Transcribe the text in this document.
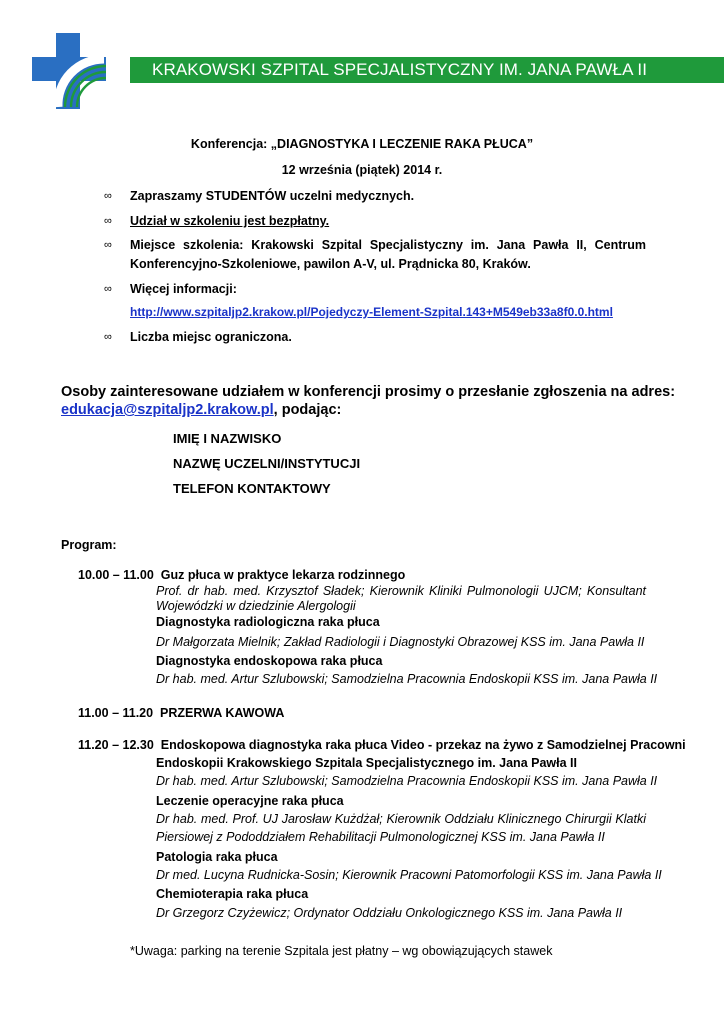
KRAKOWSKI SZPITAL SPECJALISTYCZNY IM. JANA PAWŁA II
Konferencja: „DIAGNOSTYKA I LECZENIE RAKA PŁUCA”
12 września (piątek) 2014 r.
∞ Zapraszamy STUDENTÓW uczelni medycznych.
∞ Udział w szkoleniu jest bezpłatny.
∞ Miejsce szkolenia: Krakowski Szpital Specjalistyczny im. Jana Pawła II, Centrum
Konferencyjno-Szkoleniowe, pawilon A-V, ul. Prądnicka 80, Kraków.
∞ Więcej informacji:
http://www.szpitaljp2.krakow.pl/Pojedyczy-Element-Szpital.143+M549eb33a8f0.0.html
∞ Liczba miejsc ograniczona.
Osoby zainteresowane udziałem w konferencji prosimy o przesłanie zgłoszenia na adres:
edukacja@szpitaljp2.krakow.pl, podając:
IMIĘ I NAZWISKO
NAZWĘ UCZELNI/INSTYTUCJI
TELEFON KONTAKTOWY
Program:
10.00 – 11.00 Guz płuca w praktyce lekarza rodzinnego
Prof. dr hab. med. Krzysztof Sładek; Kierownik Kliniki Pulmonologii UJCM; Konsultant
Wojewódzki w dziedzinie Alergologii
Diagnostyka radiologiczna raka płuca
Dr Małgorzata Mielnik; Zakład Radiologii i Diagnostyki Obrazowej KSS im. Jana Pawła II
Diagnostyka endoskopowa raka płuca
Dr hab. med. Artur Szlubowski; Samodzielna Pracownia Endoskopii KSS im. Jana Pawła II
11.00 – 11.20 PRZERWA KAWOWA
11.20 – 12.30 Endoskopowa diagnostyka raka płuca Video - przekaz na żywo z Samodzielnej Pracowni
Endoskopii Krakowskiego Szpitala Specjalistycznego im. Jana Pawła II
Dr hab. med. Artur Szlubowski; Samodzielna Pracownia Endoskopii KSS im. Jana Pawła II
Leczenie operacyjne raka płuca
Dr hab. med. Prof. UJ Jarosław Kużdżał; Kierownik Oddziału Klinicznego Chirurgii Klatki
Piersiowej z Pododdziałem Rehabilitacji Pulmonologicznej KSS im. Jana Pawła II
Patologia raka płuca
Dr med. Lucyna Rudnicka-Sosin; Kierownik Pracowni Patomorfologii KSS im. Jana Pawła II
Chemioterapia raka płuca
Dr Grzegorz Czyżewicz; Ordynator Oddziału Onkologicznego KSS im. Jana Pawła II
*Uwaga: parking na terenie Szpitala jest płatny – wg obowiązujących stawek
